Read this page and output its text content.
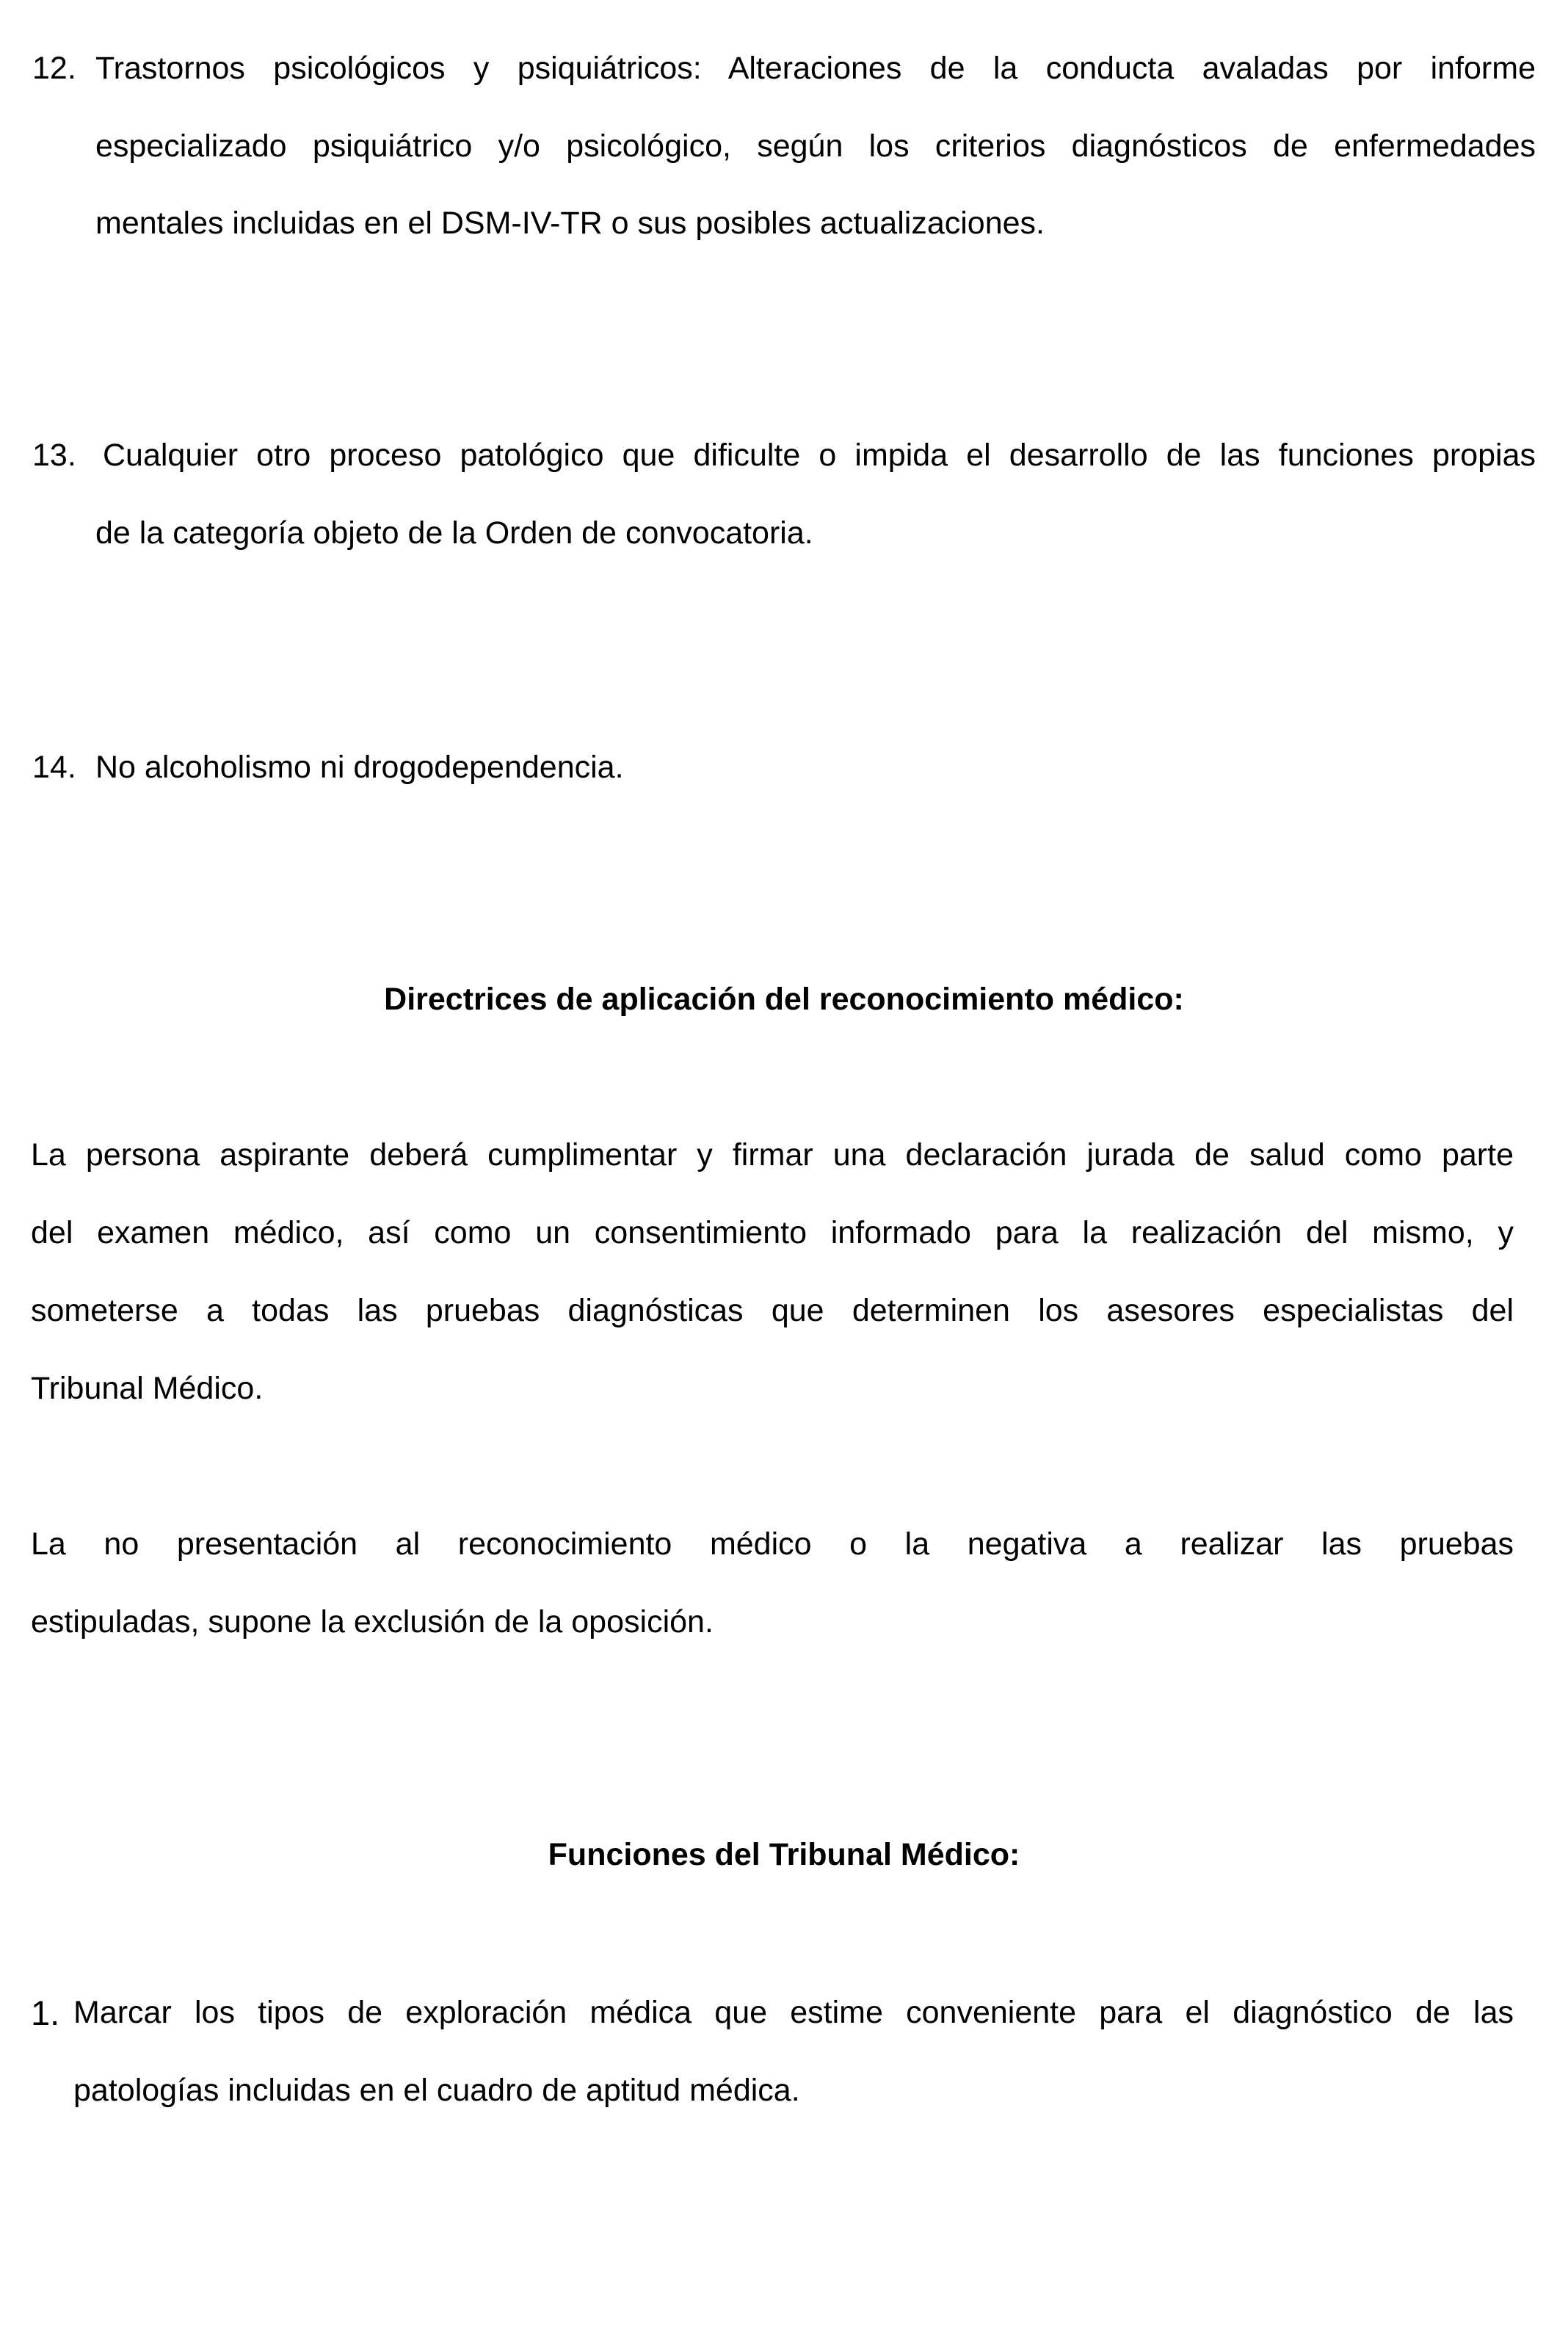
12. Trastornos psicológicos y psiquiátricos: Alteraciones de la conducta avaladas por informe
especializado psiquiátrico y/o psicológico, según los criterios diagnósticos de enfermedades
mentales incluidas en el DSM-IV-TR o sus posibles actualizaciones.
13. Cualquier otro proceso patológico que dificulte o impida el desarrollo de las funciones propias
de la categoría objeto de la Orden de convocatoria.
14. No alcoholismo ni drogodependencia.
Directrices de aplicación del reconocimiento médico:
La persona aspirante deberá cumplimentar y firmar una declaración jurada de salud como parte
del examen médico, así como un consentimiento informado para la realización del mismo, y
someterse a todas las pruebas diagnósticas que determinen los asesores especialistas del
Tribunal Médico.
La no presentación al reconocimiento médico o la negativa a realizar las pruebas
estipuladas, supone la exclusión de la oposición.
Funciones del Tribunal Médico:
1. Marcar los tipos de exploración médica que estime conveniente para el diagnóstico de las
patologías incluidas en el cuadro de aptitud médica.
